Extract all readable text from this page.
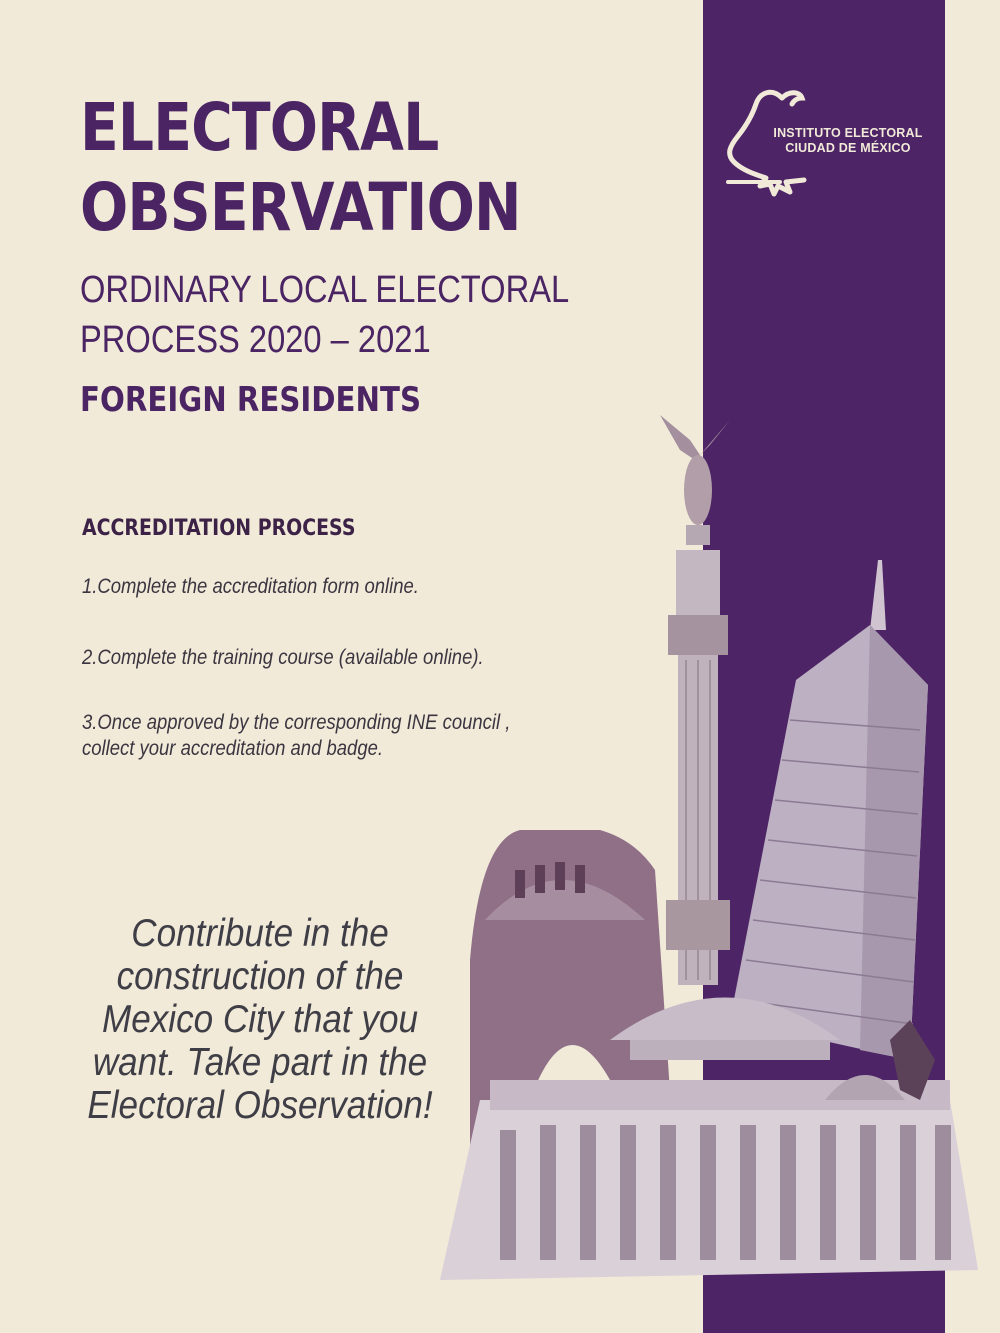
INSTITUTO ELECTORAL
CIUDAD DE MÉXICO
ELECTORAL
OBSERVATION
ORDINARY LOCAL ELECTORAL
PROCESS 2020 – 2021
FOREIGN RESIDENTS
ACCREDITATION PROCESS
1.Complete the accreditation form online.
2.Complete the training course (available online).
3.Once approved by the corresponding INE council , collect your accreditation and badge.
Contribute in the construction of the Mexico City that you want. Take part in the Electoral Observation!
